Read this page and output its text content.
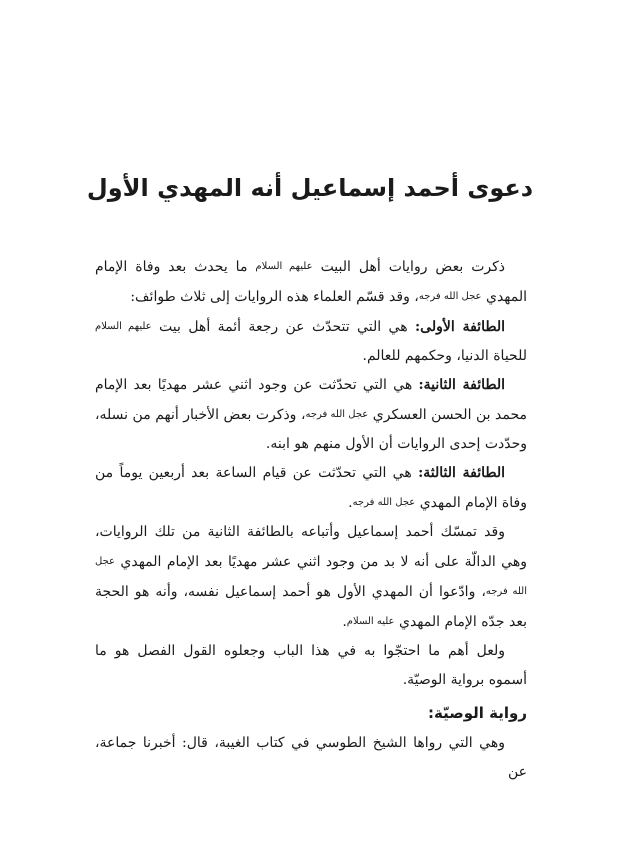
دعوى أحمد إسماعيل أنه المهدي الأول

ذكرت بعض روايات أهل البيت عليهم السلام ما يحدث بعد وفاة الإمام المهدي عجل الله فرجه، وقد قسّم العلماء هذه الروايات إلى ثلاث طوائف:

الطائفة الأولى: هي التي تتحدّث عن رجعة أئمة أهل بيت عليهم السلام للحياة الدنيا، وحكمهم للعالم.

الطائفة الثانية: هي التي تحدّثت عن وجود اثني عشر مهديًا بعد الإمام محمد بن الحسن العسكري عجل الله فرجه، وذكرت بعض الأخبار أنهم من نسله، وحدّدت إحدى الروايات أن الأول منهم هو ابنه.

الطائفة الثالثة: هي التي تحدّثت عن قيام الساعة بعد أربعين يوماً من وفاة الإمام المهدي عجل الله فرجه.

وقد تمسّك أحمد إسماعيل وأتباعه بالطائفة الثانية من تلك الروايات، وهي الدالّة على أنه لا بد من وجود اثني عشر مهديًا بعد الإمام المهدي عجل الله فرجه، وادّعوا أن المهدي الأول هو أحمد إسماعيل نفسه، وأنه هو الحجة بعد جدّه الإمام المهدي عليه السلام.

ولعل أهم ما احتجّوا به في هذا الباب وجعلوه القول الفصل هو ما أسموه برواية الوصيّة.

رواية الوصيّة:

وهي التي رواها الشيخ الطوسي في كتاب الغيبة، قال: أخبرنا جماعة، عن
